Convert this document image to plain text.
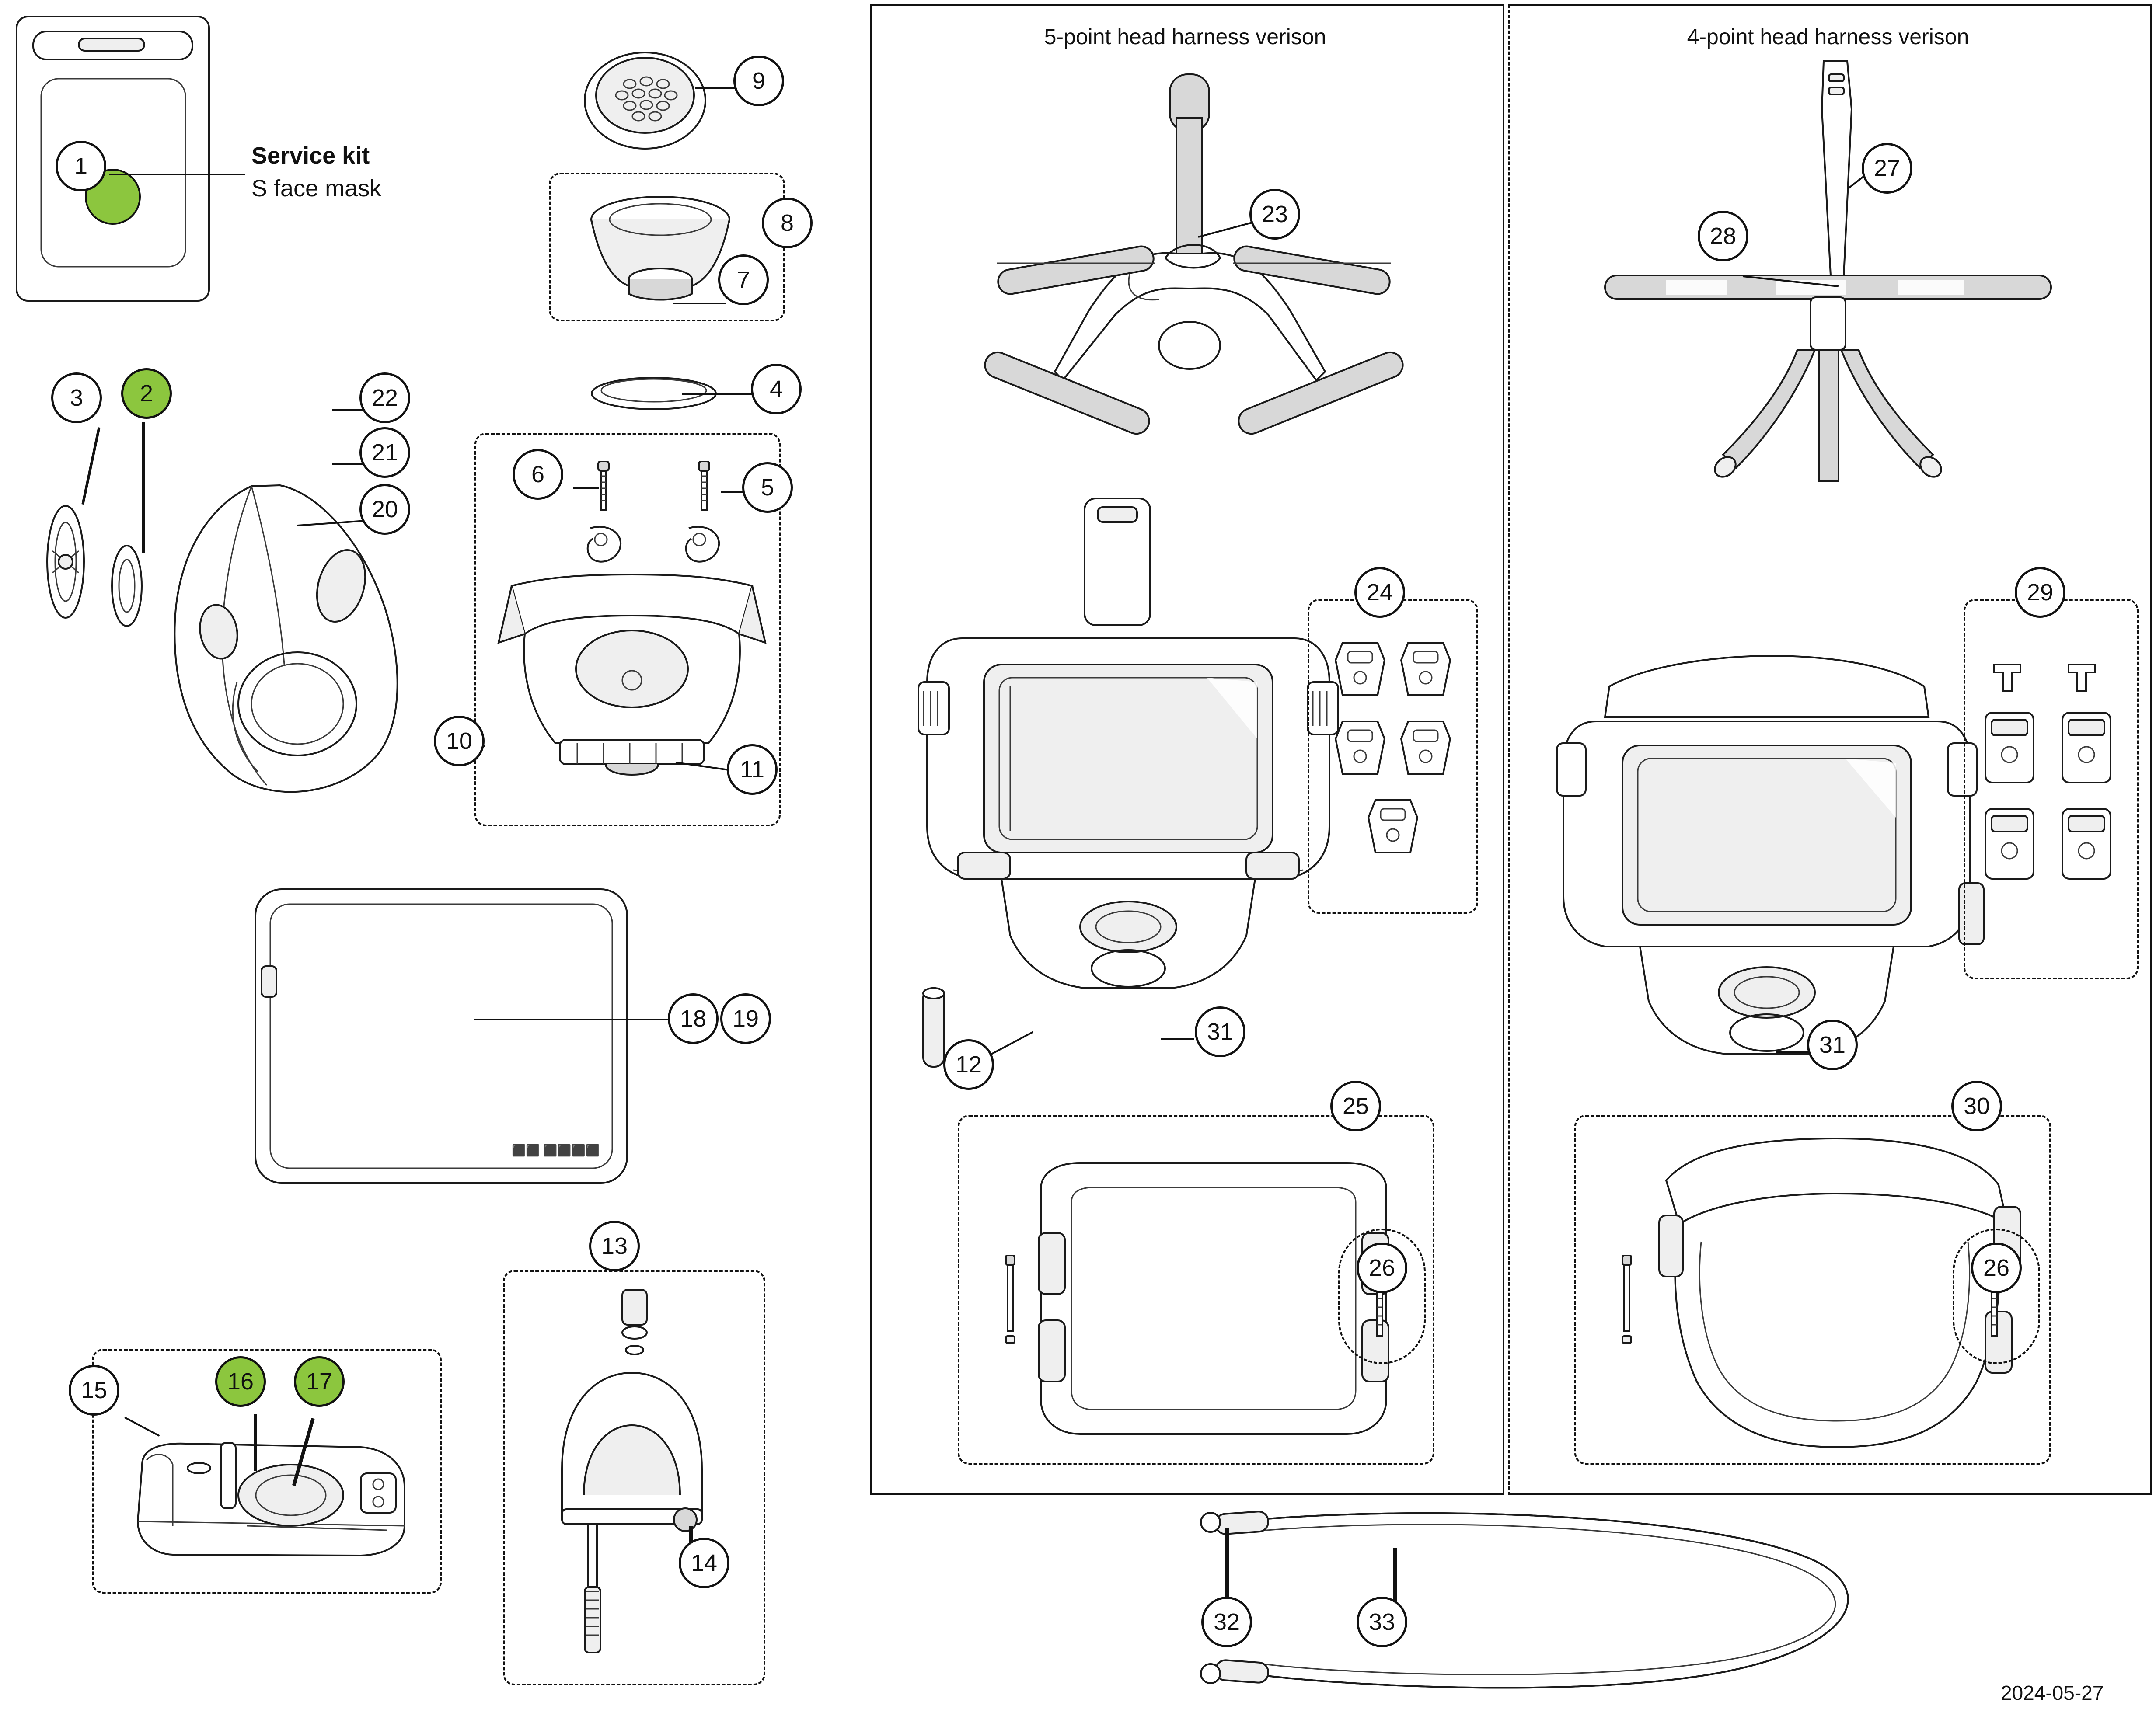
Service kit
S face mask
⬛⬛ ⬛⬛⬛⬛
5-point head harness verison	4-point head harness verison
1
2
3	4
5
6
7
8
9
10
11
12
13
14
15	16	17
18	19
20
21
22
23
24
25
26
27
28
29
30
26
31	31
32	33
2024-05-27
